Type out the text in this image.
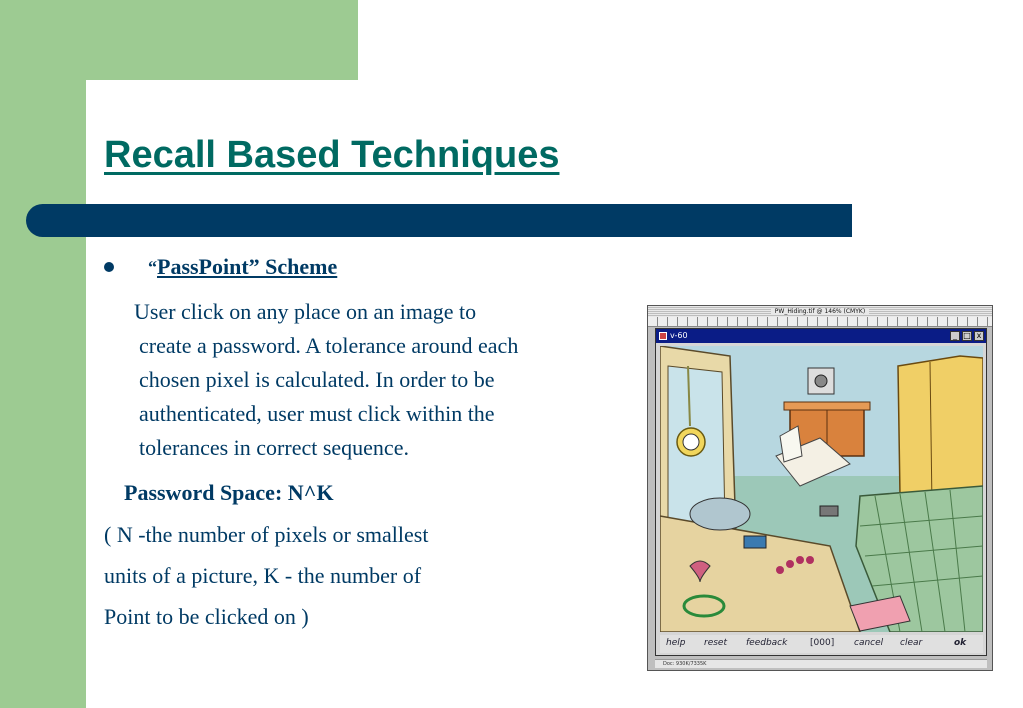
Recall Based Techniques
“PassPoint” Scheme
User click on any place on an image to
create a password. A tolerance around each
chosen pixel is calculated. In order to be
authenticated, user must click within the
tolerances in correct sequence.
Password Space: N^K
( N -the number of pixels or smallest
units of a picture, K - the number of
Point to be clicked on )
PW_Hiding.tif @ 146% (CMYK)
v-60	_ □ x
help reset feedback	[000] cancel clear	ok
Doc: 930K/7335K
